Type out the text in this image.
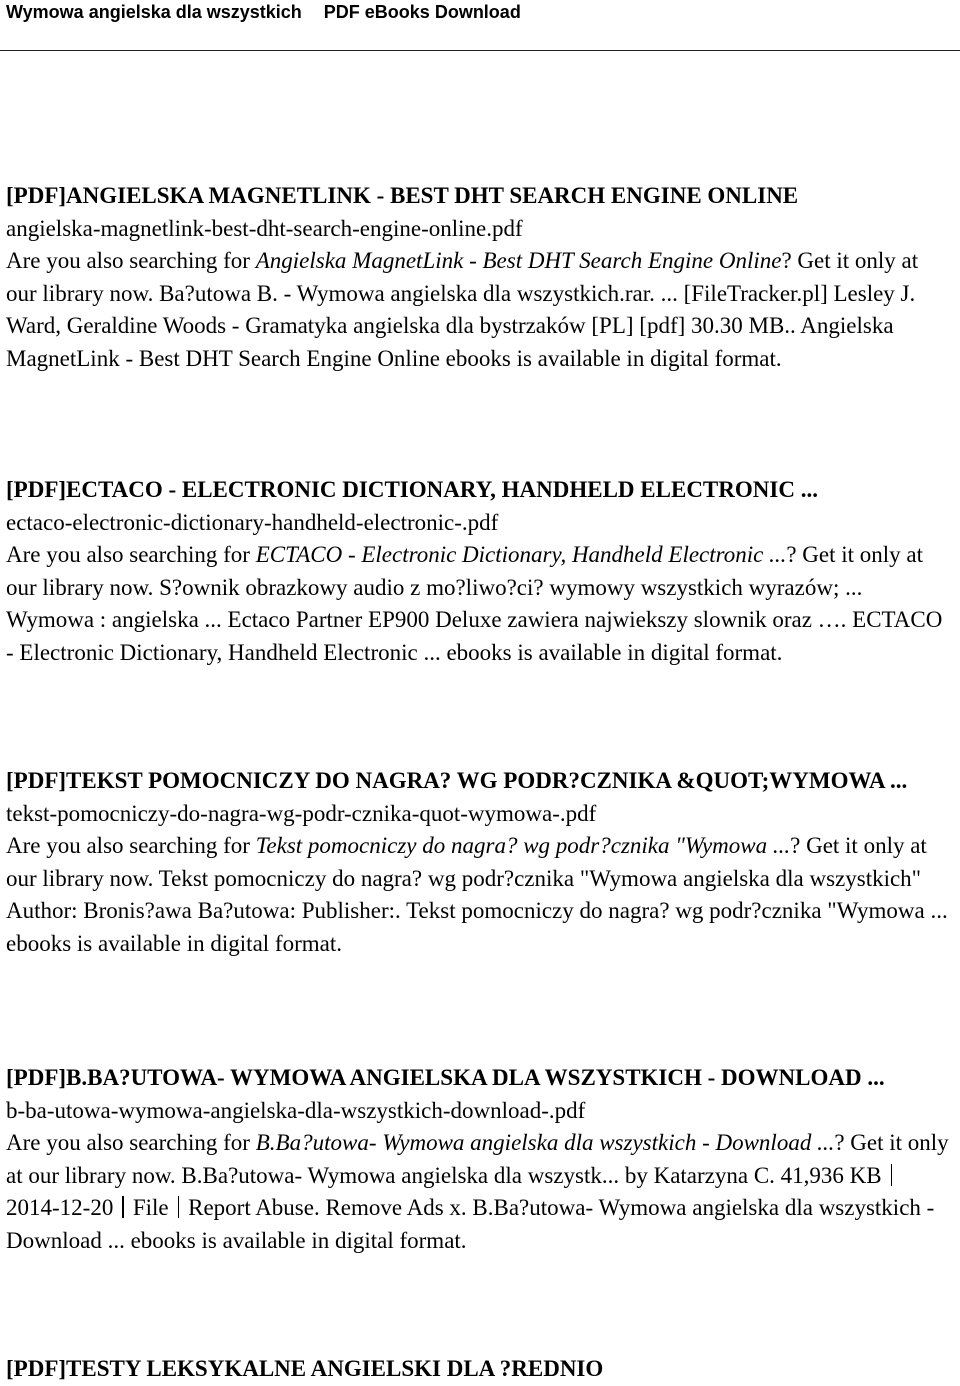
Wymowa angielska dla wszystkich PDF eBooks Download
[PDF]ANGIELSKA MAGNETLINK - BEST DHT SEARCH ENGINE ONLINE
angielska-magnetlink-best-dht-search-engine-online.pdf
Are you also searching for Angielska MagnetLink - Best DHT Search Engine Online? Get it only at our library now. Ba?utowa B. - Wymowa angielska dla wszystkich.rar. ... [FileTracker.pl] Lesley J. Ward, Geraldine Woods - Gramatyka angielska dla bystrzaków [PL] [pdf] 30.30 MB.. Angielska MagnetLink - Best DHT Search Engine Online ebooks is available in digital format.
[PDF]ECTACO - ELECTRONIC DICTIONARY, HANDHELD ELECTRONIC ...
ectaco-electronic-dictionary-handheld-electronic-.pdf
Are you also searching for ECTACO - Electronic Dictionary, Handheld Electronic ...? Get it only at our library now. S?ownik obrazkowy audio z mo?liwo?ci? wymowy wszystkich wyrazów; ... Wymowa : angielska ... Ectaco Partner EP900 Deluxe zawiera najwiekszy slownik oraz …. ECTACO - Electronic Dictionary, Handheld Electronic ... ebooks is available in digital format.
[PDF]TEKST POMOCNICZY DO NAGRA? WG PODR?CZNIKA &QUOT;WYMOWA ...
tekst-pomocniczy-do-nagra-wg-podr-cznika-quot-wymowa-.pdf
Are you also searching for Tekst pomocniczy do nagra? wg podr?cznika "Wymowa ...? Get it only at our library now. Tekst pomocniczy do nagra? wg podr?cznika "Wymowa angielska dla wszystkich" Author: Bronis?awa Ba?utowa: Publisher:. Tekst pomocniczy do nagra? wg podr?cznika "Wymowa ... ebooks is available in digital format.
[PDF]B.BA?UTOWA- WYMOWA ANGIELSKA DLA WSZYSTKICH - DOWNLOAD ...
b-ba-utowa-wymowa-angielska-dla-wszystkich-download-.pdf
Are you also searching for B.Ba?utowa- Wymowa angielska dla wszystkich - Download ...? Get it only at our library now. B.Ba?utowa- Wymowa angielska dla wszystk... by Katarzyna C. 41,936 KB2014-12-20 File Report Abuse. Remove Ads x. B.Ba?utowa- Wymowa angielska dla wszystkich - Download ... ebooks is available in digital format.
[PDF]TESTY LEKSYKALNE ANGIELSKI DLA ?REDNIO
